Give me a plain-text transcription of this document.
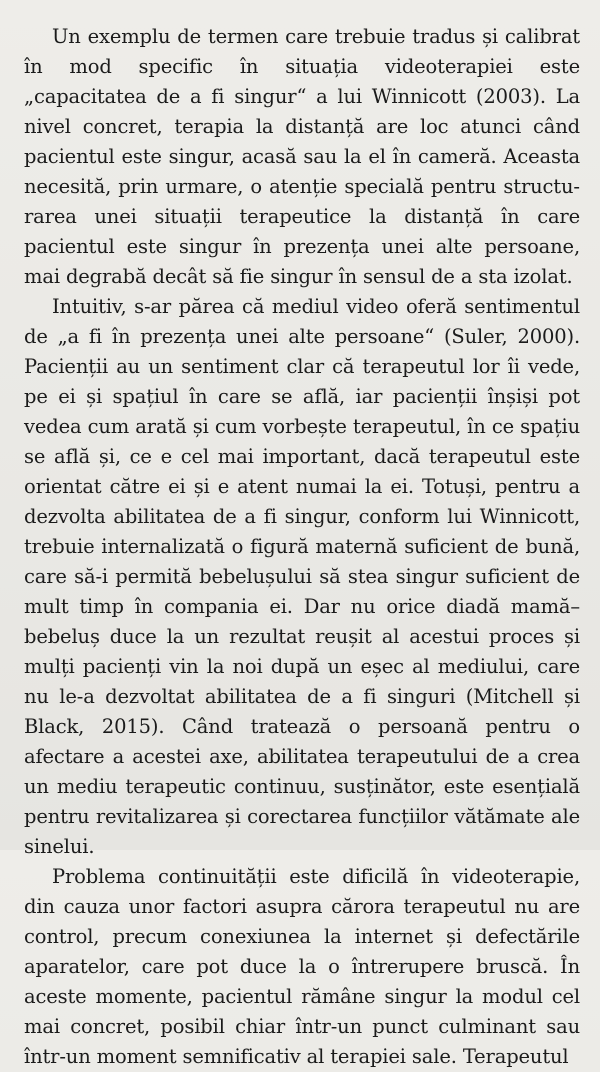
Un exemplu de termen care trebuie tradus și calibrat în mod specific în situația videoterapiei este „capacitatea de a fi singur“ a lui Winnicott (2003). La nivel concret, terapia la distanță are loc atunci când pacientul este singur, acasă sau la el în cameră. Aceasta necesită, prin urmare, o atenție specială pentru structurarea unei situații terapeutice la distanță în care pacientul este singur în prezența unei alte persoane, mai degrabă decât să fie singur în sensul de a sta izolat.

Intuitiv, s-ar părea că mediul video oferă sentimentul de „a fi în prezența unei alte persoane“ (Suler, 2000). Pacienții au un sentiment clar că terapeutul lor îi vede, pe ei și spațiul în care se află, iar pacienții înșiși pot vedea cum arată și cum vorbește terapeutul, în ce spațiu se află și, ce e cel mai important, dacă terapeutul este orientat către ei și e atent numai la ei. Totuși, pentru a dezvolta abilitatea de a fi singur, conform lui Winnicott, trebuie internalizată o figură maternă suficient de bună, care să-i permită bebelușului să stea singur suficient de mult timp în compania ei. Dar nu orice diadă mamă–bebeluș duce la un rezultat reușit al acestui proces și mulți pacienți vin la noi după un eșec al mediului, care nu le-a dezvoltat abilitatea de a fi singuri (Mitchell și Black, 2015). Când tratează o persoană pentru o afectare a acestei axe, abilitatea terapeutului de a crea un mediu terapeutic continuu, susținător, este esențială pentru revitalizarea și corectarea funcțiilor vătămate ale sinelui.

Problema continuității este dificilă în videoterapie, din cauza unor factori asupra cărora terapeutul nu are control, precum conexiunea la internet și defectările aparatelor, care pot duce la o întrerupere bruscă. În aceste momente, pacientul rămâne singur la modul cel mai concret, posibil chiar într-un punct culminant sau într-un moment semnificativ al terapiei sale. Terapeutul
